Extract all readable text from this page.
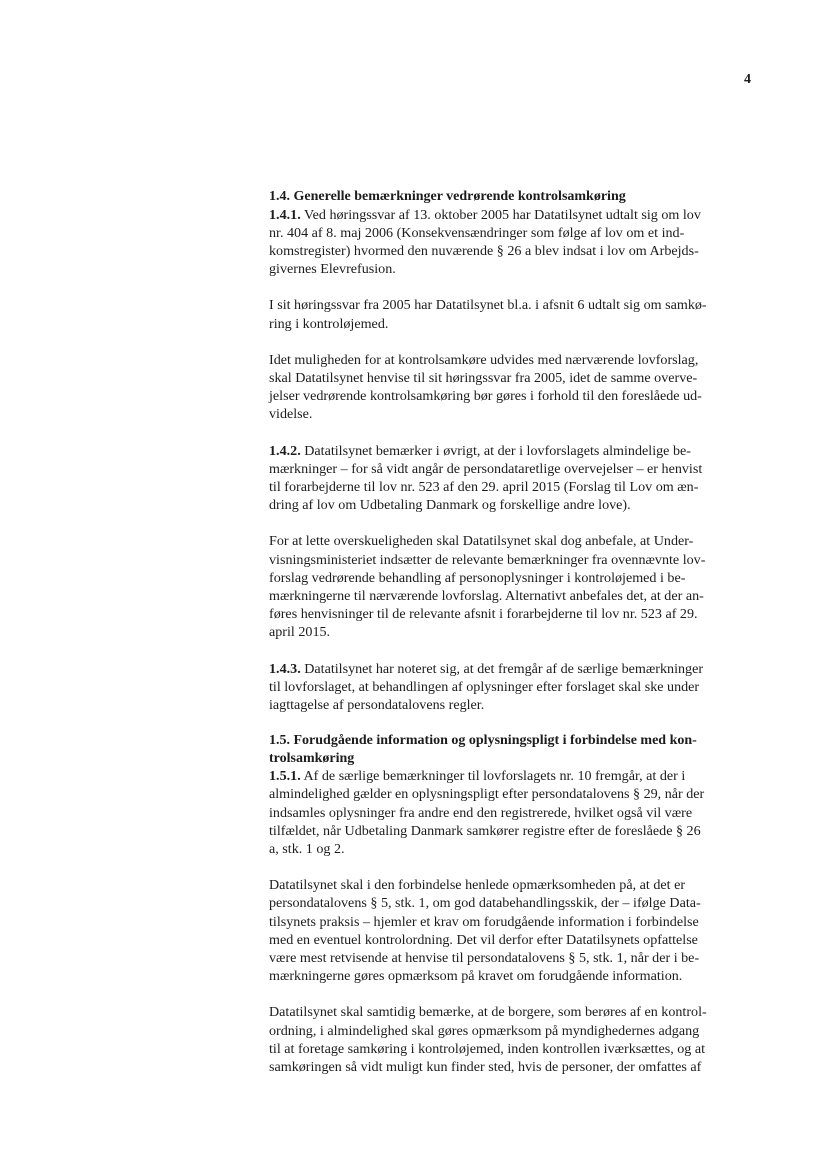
4
1.4. Generelle bemærkninger vedrørende kontrolsamkøring
1.4.1. Ved høringssvar af 13. oktober 2005 har Datatilsynet udtalt sig om lov
nr. 404 af 8. maj 2006 (Konsekvensændringer som følge af lov om et ind-
komstregister) hvormed den nuværende § 26 a blev indsat i lov om Arbejds-
givernes Elevrefusion.
I sit høringssvar fra 2005 har Datatilsynet bl.a. i afsnit 6 udtalt sig om samkø-
ring i kontroløjemed.
Idet muligheden for at kontrolsamkøre udvides med nærværende lovforslag,
skal Datatilsynet henvise til sit høringssvar fra 2005, idet de samme overve-
jelser vedrørende kontrolsamkøring bør gøres i forhold til den foreslåede ud-
videlse.
1.4.2. Datatilsynet bemærker i øvrigt, at der i lovforslagets almindelige be-
mærkninger – for så vidt angår de persondataretlige overvejelser – er henvist
til forarbejderne til lov nr. 523 af den 29. april 2015 (Forslag til Lov om æn-
dring af lov om Udbetaling Danmark og forskellige andre love).
For at lette overskueligheden skal Datatilsynet skal dog anbefale, at Under-
visningsministeriet indsætter de relevante bemærkninger fra ovennævnte lov-
forslag vedrørende behandling af personoplysninger i kontroløjemed i be-
mærkningerne til nærværende lovforslag. Alternativt anbefales det, at der an-
føres henvisninger til de relevante afsnit i forarbejderne til lov nr. 523 af 29.
april 2015.
1.4.3. Datatilsynet har noteret sig, at det fremgår af de særlige bemærkninger
til lovforslaget, at behandlingen af oplysninger efter forslaget skal ske under
iagttagelse af persondatalovens regler.
1.5. Forudgående information og oplysningspligt i forbindelse med kon-
trolsamkøring
1.5.1. Af de særlige bemærkninger til lovforslagets nr. 10 fremgår, at der i
almindelighed gælder en oplysningspligt efter persondatalovens § 29, når der
indsamles oplysninger fra andre end den registrerede, hvilket også vil være
tilfældet, når Udbetaling Danmark samkører registre efter de foreslåede § 26
a, stk. 1 og 2.
Datatilsynet skal i den forbindelse henlede opmærksomheden på, at det er
persondatalovens § 5, stk. 1, om god databehandlingsskik, der – ifølge Data-
tilsynets praksis – hjemler et krav om forudgående information i forbindelse
med en eventuel kontrolordning. Det vil derfor efter Datatilsynets opfattelse
være mest retvisende at henvise til persondatalovens § 5, stk. 1, når der i be-
mærkningerne gøres opmærksom på kravet om forudgående information.
Datatilsynet skal samtidig bemærke, at de borgere, som berøres af en kontrol-
ordning, i almindelighed skal gøres opmærksom på myndighedernes adgang
til at foretage samkøring i kontroløjemed, inden kontrollen iværksættes, og at
samkøringen så vidt muligt kun finder sted, hvis de personer, der omfattes af
